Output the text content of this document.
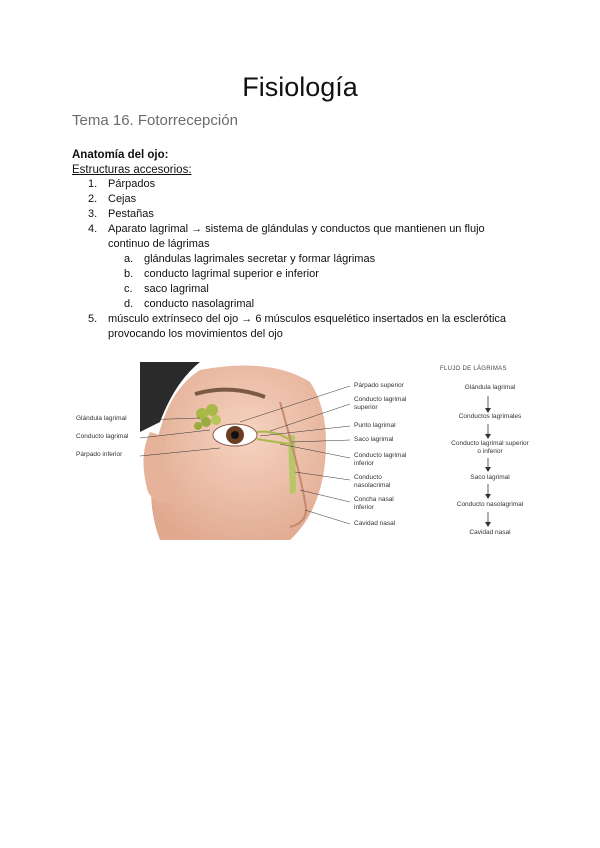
Fisiología
Tema 16. Fotorrecepción
Anatomía del ojo:
Estructuras accesorios:
1. Párpados
2. Cejas
3. Pestañas
4. Aparato lagrimal → sistema de glándulas y conductos que mantienen un flujo
continuo de lágrimas
a. glándulas lagrimales secretar y formar lágrimas
b. conducto lagrimal superior e inferior
c. saco lagrimal
d. conducto nasolagrimal
5. músculo extrínseco del ojo → 6 músculos esquelético insertados en la esclerótica
provocando los movimientos del ojo
Glándula lagrimal
Conducto lagrimal
Párpado inferior
Párpado superior
Conducto lagrimal superior
Punto lagrimal
Saco lagrimal
Conducto lagrimal inferior
Conducto nasolacrimal
Concha nasal inferior
Cavidad nasal
FLUJO DE LÁGRIMAS
Glándula lagrimal
Conductos lagrimales
Conducto lagrimal superior o inferior
Saco lagrimal
Conducto nasolagrimal
Cavidad nasal
